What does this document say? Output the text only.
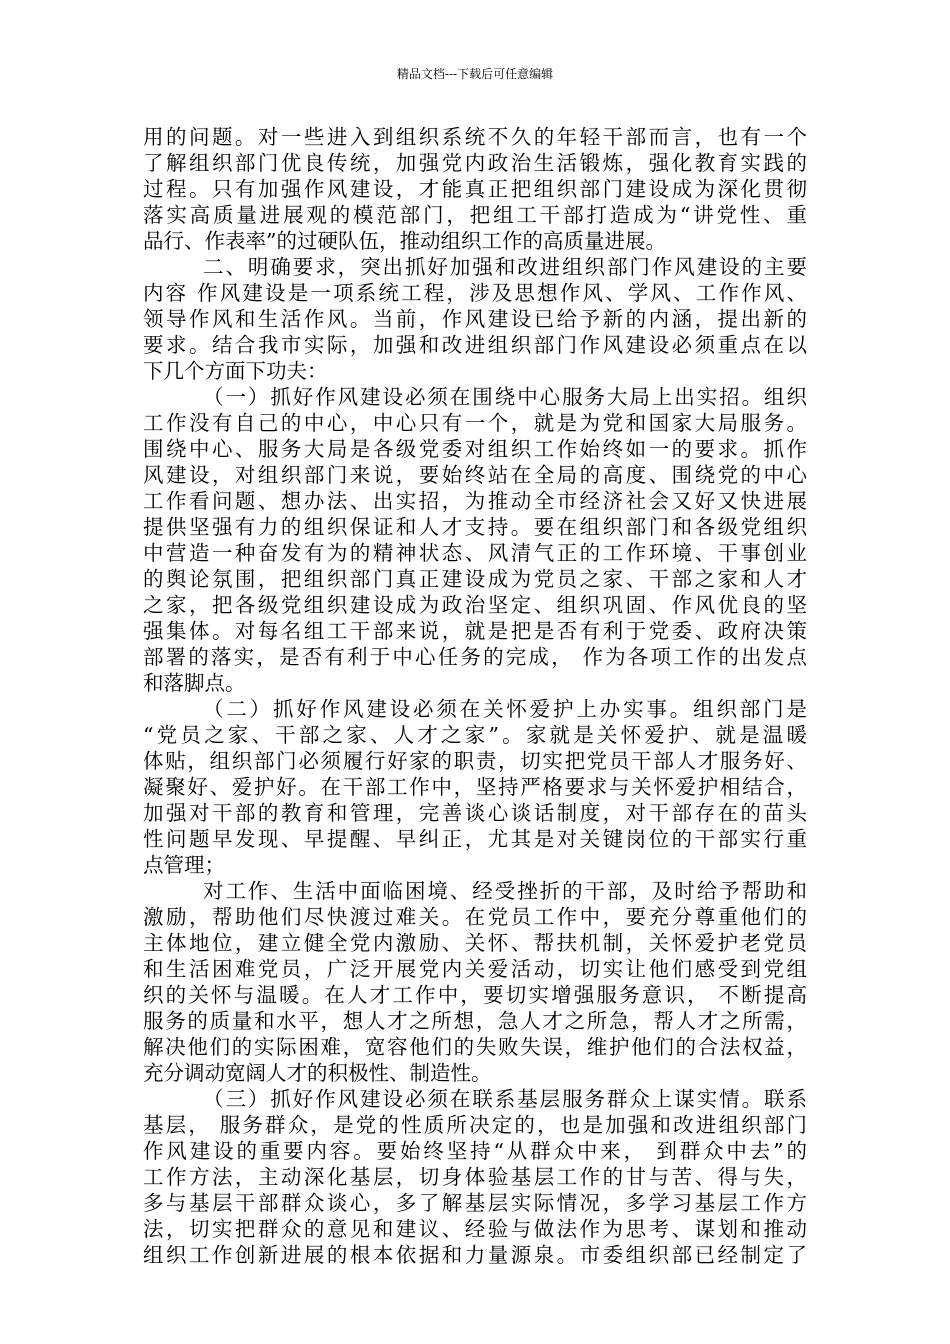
精品文档---下载后可任意编辑
用的问题。对一些进入到组织系统不久的年轻干部而言，也有一个
了解组织部门优良传统，加强党内政治生活锻炼，强化教育实践的
过程。只有加强作风建设，才能真正把组织部门建设成为深化贯彻
落实高质量进展观的模范部门，把组工干部打造成为“讲党性、重
品行、作表率”的过硬队伍，推动组织工作的高质量进展。
二、明确要求，突出抓好加强和改进组织部门作风建设的主要
内容 作风建设是一项系统工程，涉及思想作风、学风、工作作风、
领导作风和生活作风。当前，作风建设已给予新的内涵，提出新的
要求。结合我市实际，加强和改进组织部门作风建设必须重点在以
下几个方面下功夫：
（一）抓好作风建设必须在围绕中心服务大局上出实招。组织
工作没有自己的中心，中心只有一个，就是为党和国家大局服务。
围绕中心、服务大局是各级党委对组织工作始终如一的要求。抓作
风建设，对组织部门来说，要始终站在全局的高度、围绕党的中心
工作看问题、想办法、出实招，为推动全市经济社会又好又快进展
提供坚强有力的组织保证和人才支持。要在组织部门和各级党组织
中营造一种奋发有为的精神状态、风清气正的工作环境、干事创业
的舆论氛围，把组织部门真正建设成为党员之家、干部之家和人才
之家，把各级党组织建设成为政治坚定、组织巩固、作风优良的坚
强集体。对每名组工干部来说，就是把是否有利于党委、政府决策
部署的落实，是否有利于中心任务的完成， 作为各项工作的出发点
和落脚点。
（二）抓好作风建设必须在关怀爱护上办实事。组织部门是
“党员之家、干部之家、人才之家”。家就是关怀爱护、就是温暖
体贴，组织部门必须履行好家的职责，切实把党员干部人才服务好、
凝聚好、爱护好。在干部工作中，坚持严格要求与关怀爱护相结合，
加强对干部的教育和管理，完善谈心谈话制度，对干部存在的苗头
性问题早发现、早提醒、早纠正，尤其是对关键岗位的干部实行重
点管理；
对工作、生活中面临困境、经受挫折的干部，及时给予帮助和
激励，帮助他们尽快渡过难关。在党员工作中，要充分尊重他们的
主体地位，建立健全党内激励、关怀、帮扶机制，关怀爱护老党员
和生活困难党员，广泛开展党内关爱活动，切实让他们感受到党组
织的关怀与温暖。在人才工作中，要切实增强服务意识， 不断提高
服务的质量和水平，想人才之所想，急人才之所急，帮人才之所需，
解决他们的实际困难，宽容他们的失败失误，维护他们的合法权益，
充分调动宽阔人才的积极性、制造性。
（三）抓好作风建设必须在联系基层服务群众上谋实情。联系
基层， 服务群众，是党的性质所决定的，也是加强和改进组织部门
作风建设的重要内容。要始终坚持“从群众中来， 到群众中去”的
工作方法，主动深化基层，切身体验基层工作的甘与苦、得与失，
多与基层干部群众谈心，多了解基层实际情况，多学习基层工作方
法，切实把群众的意见和建议、经验与做法作为思考、谋划和推动
组织工作创新进展的根本依据和力量源泉。市委组织部已经制定了
